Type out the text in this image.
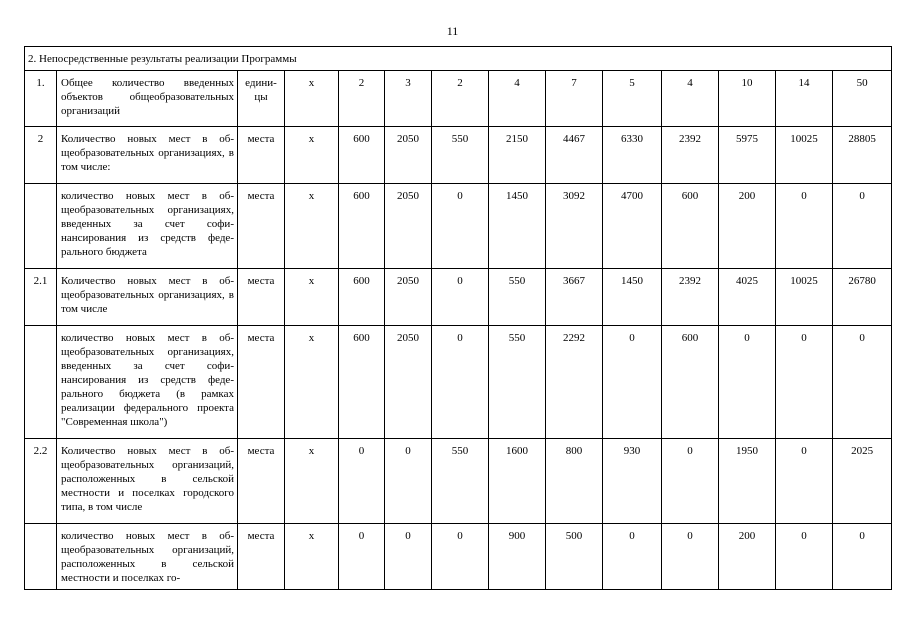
11
2. Непосредственные результаты реализации Программы													
1.	Общее количество введенных объектов общеобразовательных организаций	единицы	х	2	3	2	4	7	5	4	10	14	50
2	Количество новых мест в общеобразовательных организациях, в том числе:	места	х	600	2050	550	2150	4467	6330	2392	5975	10025	28805
	количество новых мест в общеобразовательных организациях, введенных за счет софинансирования из средств федерального бюджета	места	х	600	2050	0	1450	3092	4700	600	200	0	0
2.1	Количество новых мест в общеобразовательных организациях, в том числе	места	х	600	2050	0	550	3667	1450	2392	4025	10025	26780
	количество новых мест в общеобразовательных организациях, введенных за счет софинансирования из средств федерального бюджета (в рамках реализации федерального проекта "Современная школа")	места	х	600	2050	0	550	2292	0	600	0	0	0
2.2	Количество новых мест в общеобразовательных организаций, расположенных в сельской местности и поселках городского типа, в том числе	места	х	0	0	550	1600	800	930	0	1950	0	2025
	количество новых мест в общеобразовательных организаций, расположенных в сельской местности и поселках го-	места	х	0	0	0	900	500	0	0	200	0	0
